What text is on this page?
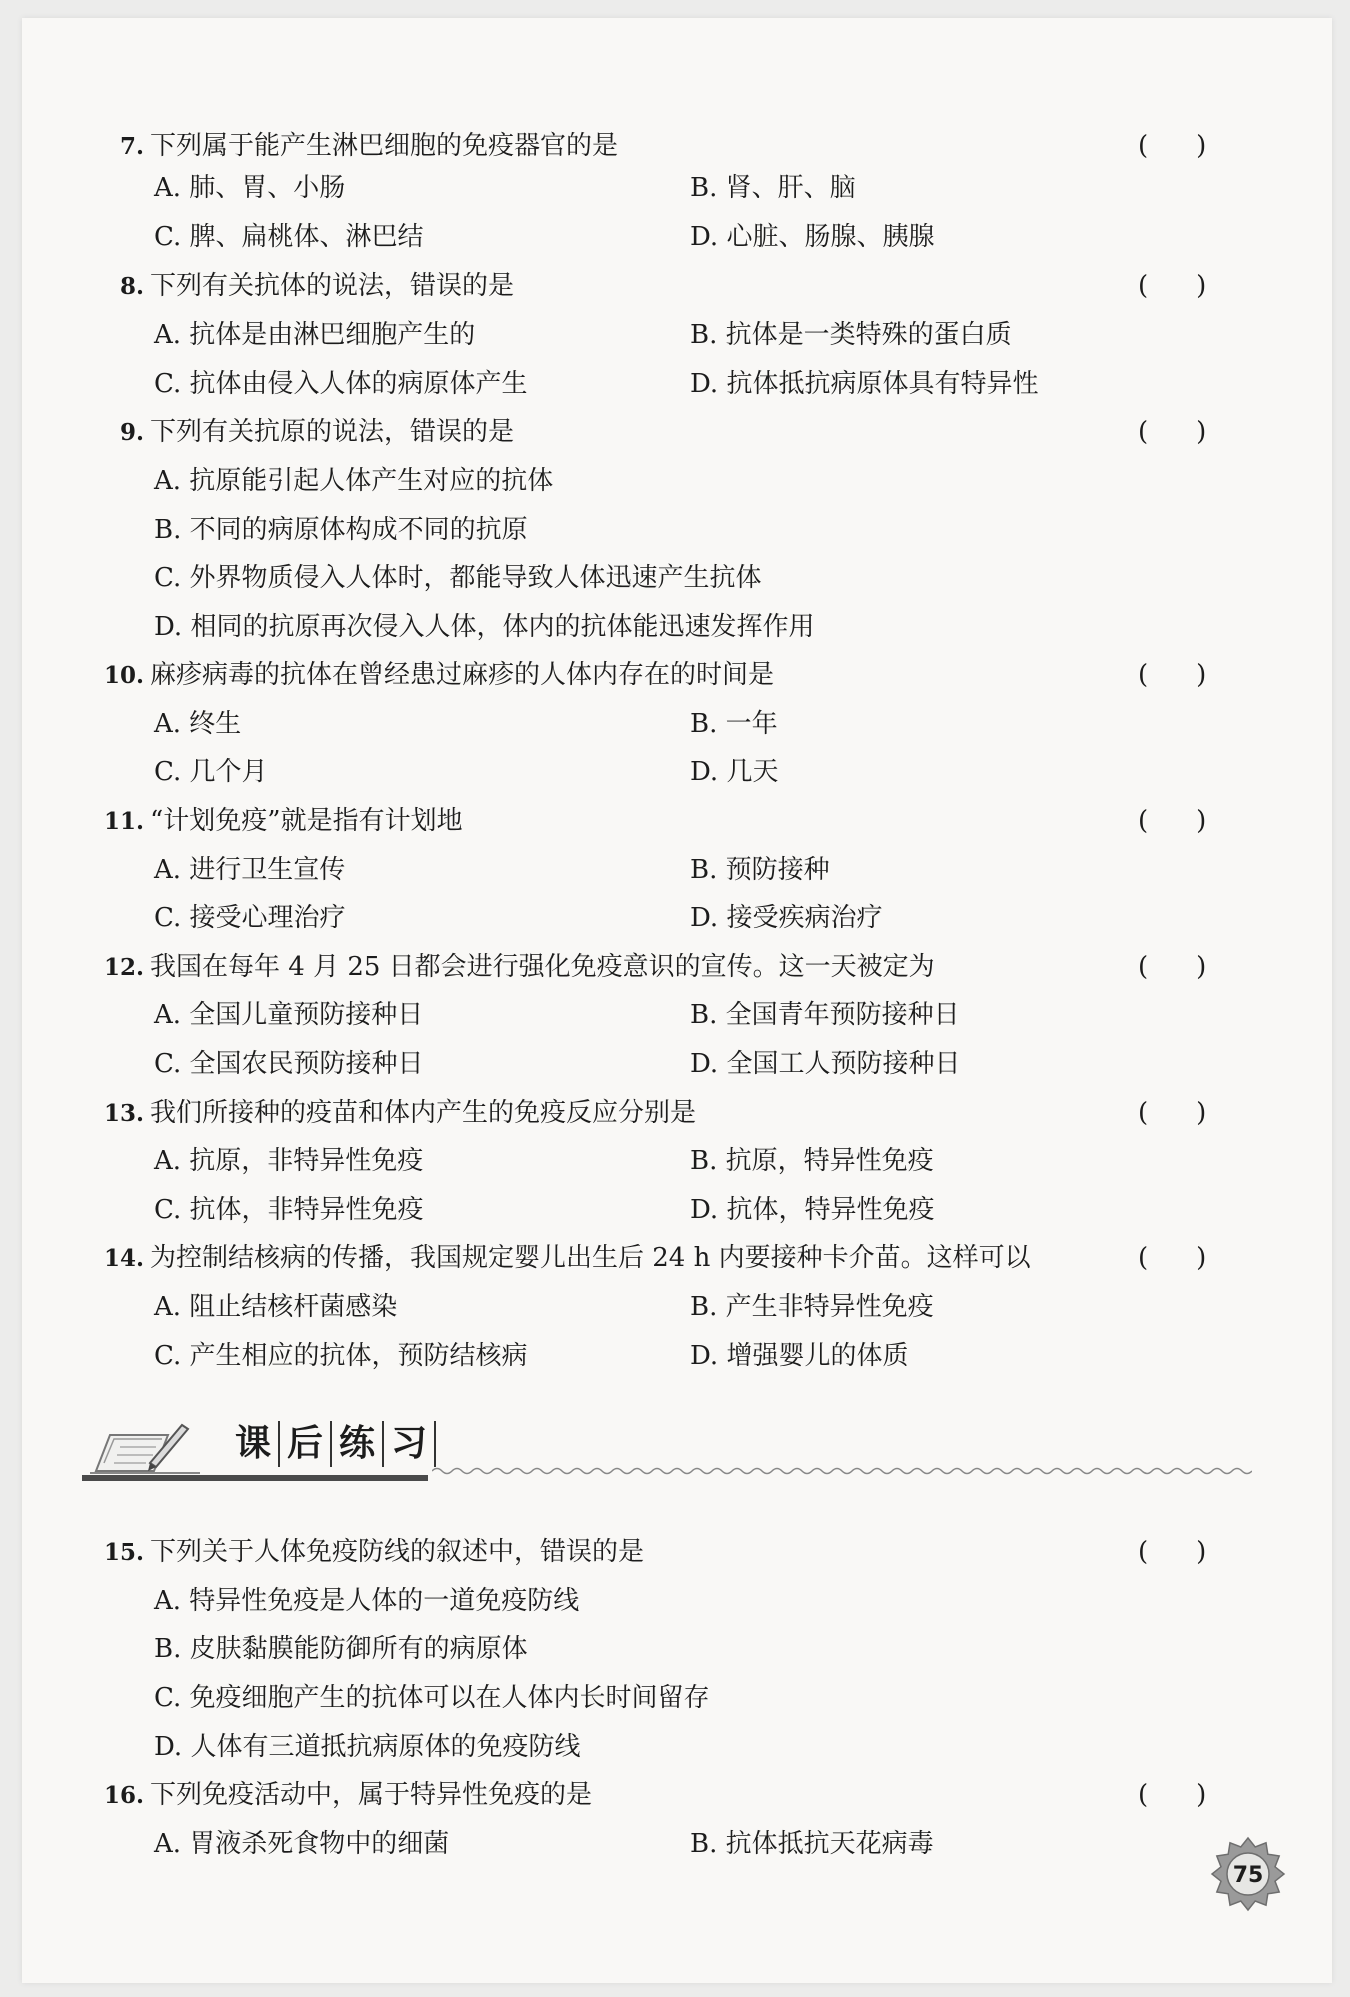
7. 下列属于能产生淋巴细胞的免疫器官的是	()
A. 肺、胃、小肠	B. 肾、肝、脑
C. 脾、扁桃体、淋巴结	D. 心脏、肠腺、胰腺
8. 下列有关抗体的说法，错误的是	()
A. 抗体是由淋巴细胞产生的	B. 抗体是一类特殊的蛋白质
C. 抗体由侵入人体的病原体产生	D. 抗体抵抗病原体具有特异性
9. 下列有关抗原的说法，错误的是	()
A. 抗原能引起人体产生对应的抗体
B. 不同的病原体构成不同的抗原
C. 外界物质侵入人体时，都能导致人体迅速产生抗体
D. 相同的抗原再次侵入人体，体内的抗体能迅速发挥作用
10. 麻疹病毒的抗体在曾经患过麻疹的人体内存在的时间是	()
A. 终生	B. 一年
C. 几个月	D. 几天
11. “计划免疫”就是指有计划地	()
A. 进行卫生宣传	B. 预防接种
C. 接受心理治疗	D. 接受疾病治疗
12. 我国在每年 4 月 25 日都会进行强化免疫意识的宣传。这一天被定为	()
A. 全国儿童预防接种日	B. 全国青年预防接种日
C. 全国农民预防接种日	D. 全国工人预防接种日
13. 我们所接种的疫苗和体内产生的免疫反应分别是	()
A. 抗原，非特异性免疫	B. 抗原，特异性免疫
C. 抗体，非特异性免疫	D. 抗体，特异性免疫
14. 为控制结核病的传播，我国规定婴儿出生后 24 h 内要接种卡介苗。这样可以	()
A. 阻止结核杆菌感染	B. 产生非特异性免疫
C. 产生相应的抗体，预防结核病	D. 增强婴儿的体质
课 后 练 习
15. 下列关于人体免疫防线的叙述中，错误的是	()
A. 特异性免疫是人体的一道免疫防线
B. 皮肤黏膜能防御所有的病原体
C. 免疫细胞产生的抗体可以在人体内长时间留存
D. 人体有三道抵抗病原体的免疫防线
16. 下列免疫活动中，属于特异性免疫的是	()
A. 胃液杀死食物中的细菌	B. 抗体抵抗天花病毒
75
